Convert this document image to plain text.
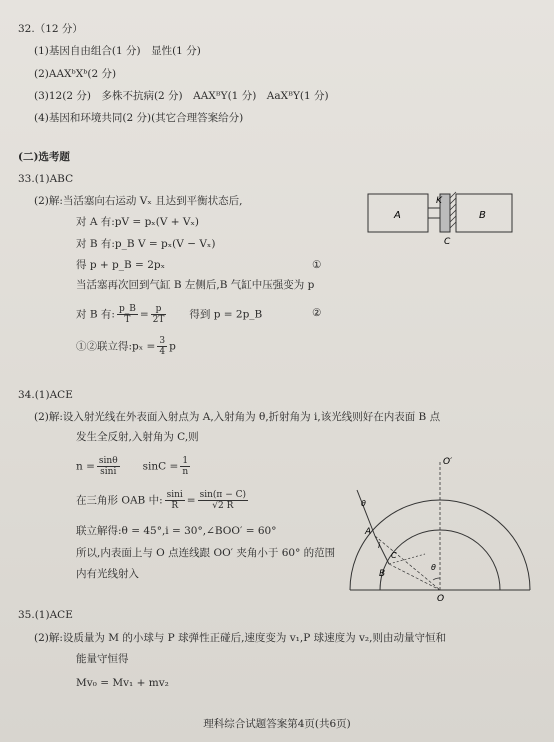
32.（12 分）
(1)基因自由组合(1 分)　显性(1 分)
(2)AAXᵇXᵇ(2 分)
(3)12(2 分)　多株不抗病(2 分)　AAXᴮY(1 分)　AaXᴮY(1 分)
(4)基因和环境共同(2 分)(其它合理答案给分)
(二)选考题
33.(1)ABC
(2)解:当活塞向右运动 Vₓ 且达到平衡状态后,
对 A 有:pV = pₓ(V + Vₓ)
对 B 有:p_B V = pₓ(V − Vₓ)
得 p + p_B = 2pₓ	①
当活塞再次回到气缸 B 左侧后,B 气缸中压强变为 p
对 B 有: $\frac{p\_B}{T} = \frac{p}{2T}$ 　　得到 p = 2p_B	②
①②联立得:pₓ = $\frac{3}{4}$ p
A	B
K
C
34.(1)ACE
(2)解:设入射光线在外表面入射点为 A,入射角为 θ,折射角为 i,该光线则好在内表面 B 点
发生全反射,入射角为 C,则
$n = \frac{\sin\theta}{\sin i}$ 　　$\sin C = \frac{1}{n}$
在三角形 OAB 中: $\frac{\sin i}{R} = \frac{\sin(\pi - C)}{√2 R}$
联立解得:θ = 45°,i = 30°,∠BOO′ = 60°
所以,内表面上与 O 点连线跟 OO′ 夹角小于 60° 的范围
内有光线射入
O′
O
A
B
C
i
θ
θ
35.(1)ACE
(2)解:设质量为 M 的小球与 P 球弹性正碰后,速度变为 v₁,P 球速度为 v₂,则由动量守恒和
能量守恒得
Mv₀ = Mv₁ + mv₂
理科综合试题答案第4页(共6页)
